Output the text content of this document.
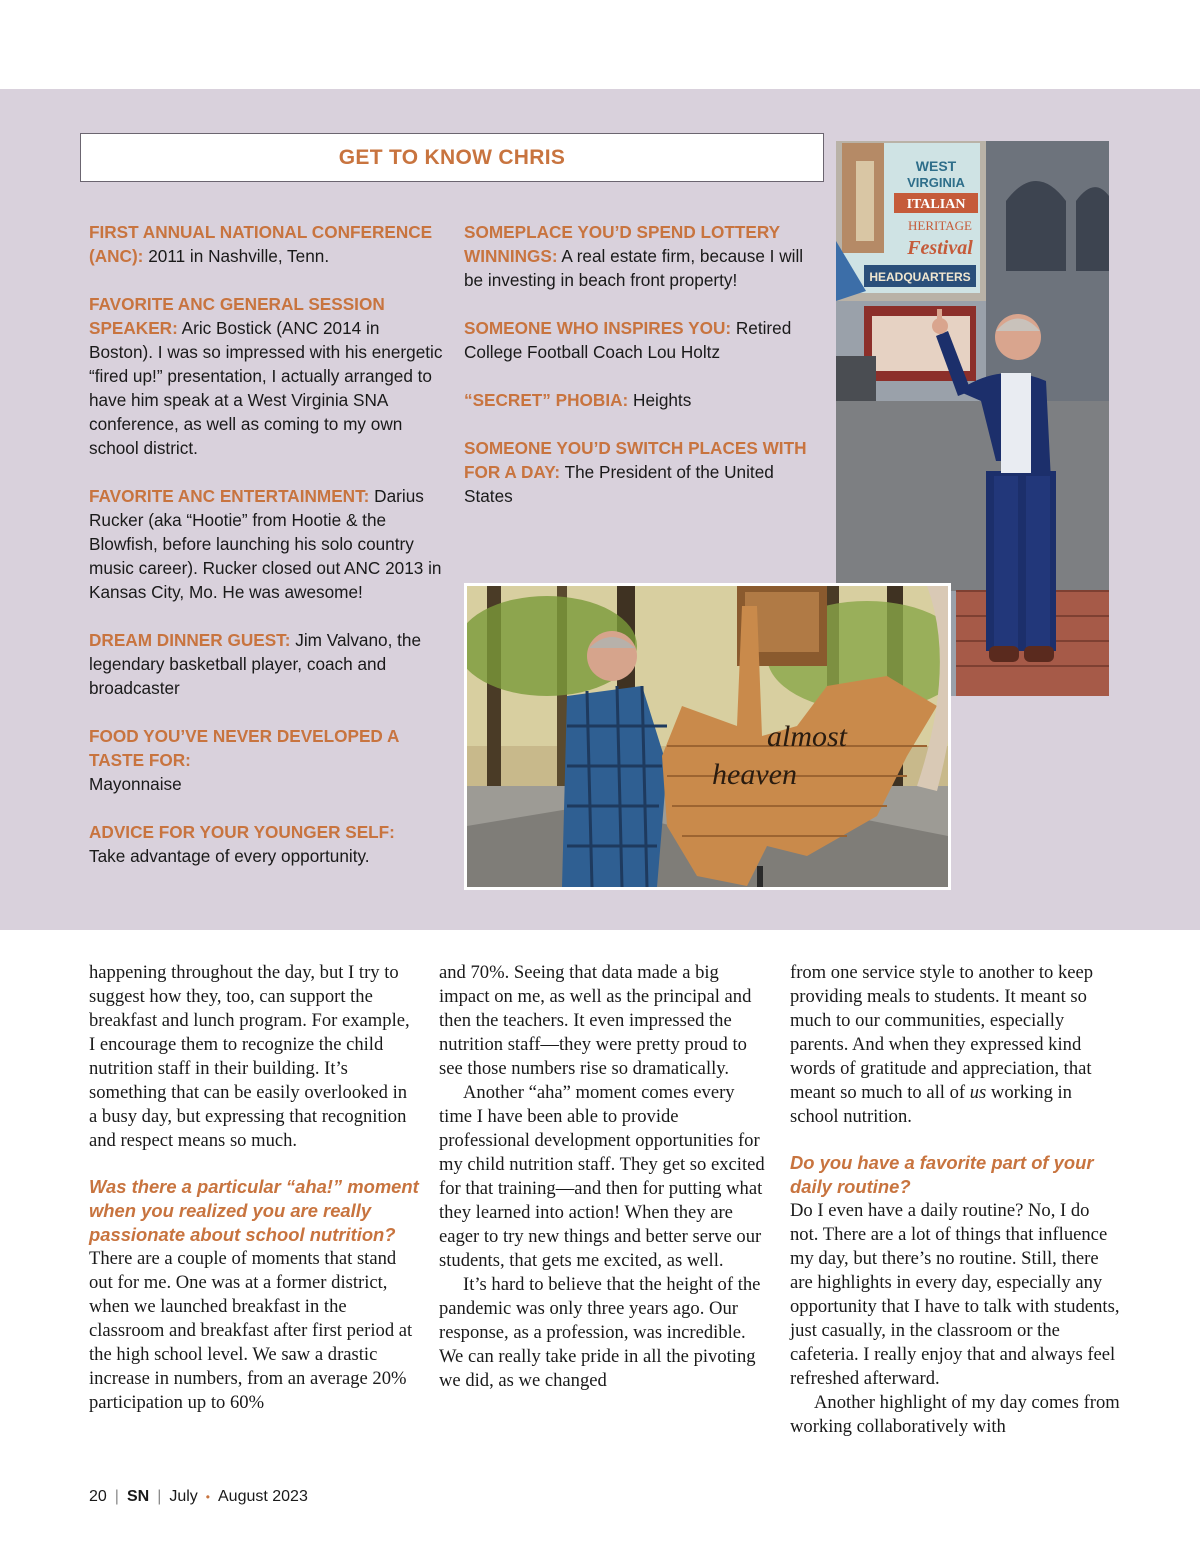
GET TO KNOW CHRIS
FIRST ANNUAL NATIONAL CONFERENCE (ANC): 2011 in Nashville, Tenn.
FAVORITE ANC GENERAL SESSION SPEAKER: Aric Bostick (ANC 2014 in Boston). I was so impressed with his energetic “fired up!” presentation, I actually arranged to have him speak at a West Virginia SNA conference, as well as coming to my own school district.
FAVORITE ANC ENTERTAINMENT: Darius Rucker (aka “Hootie” from Hootie & the Blowfish, before launching his solo country music career). Rucker closed out ANC 2013 in Kansas City, Mo. He was awesome!
DREAM DINNER GUEST: Jim Valvano, the legendary basketball player, coach and broadcaster
FOOD YOU’VE NEVER DEVELOPED A TASTE FOR:
Mayonnaise
ADVICE FOR YOUR YOUNGER SELF:
Take advantage of every opportunity.
SOMEPLACE YOU’D SPEND LOTTERY WINNINGS: A real estate firm, because I will be investing in beach front property!
SOMEONE WHO INSPIRES YOU: Retired College Football Coach Lou Holtz
“SECRET” PHOBIA: Heights
SOMEONE YOU’D SWITCH PLACES WITH FOR A DAY: The President of the United States
WEST
VIRGINIA
ITALIAN
HERITAGE
Festival
HEADQUARTERS
almost
heaven

happening throughout the day, but I try to suggest how they, too, can support the breakfast and lunch program. For example, I encourage them to recognize the child nutrition staff in their building. It’s something that can be easily overlooked in a busy day, but expressing that recognition and respect means so much.

Was there a particular “aha!” moment when you realized you are really passionate about school nutrition?

There are a couple of moments that stand out for me. One was at a former district, when we launched breakfast in the classroom and breakfast after first period at the high school level. We saw a drastic increase in numbers, from an average 20% participation up to 60%

and 70%. Seeing that data made a big impact on me, as well as the principal and then the teachers. It even impressed the nutrition staff—they were pretty proud to see those numbers rise so dramatically.

Another “aha” moment comes every time I have been able to provide professional development opportunities for my child nutrition staff. They get so excited for that training—and then for putting what they learned into action! When they are eager to try new things and better serve our students, that gets me excited, as well.

It’s hard to believe that the height of the pandemic was only three years ago. Our response, as a profession, was incredible. We can really take pride in all the pivoting we did, as we changed

from one service style to another to keep providing meals to students. It meant so much to our communities, especially parents. And when they expressed kind words of gratitude and appreciation, that meant so much to all of us working in school nutrition.

Do you have a favorite part of your daily routine?

Do I even have a daily routine? No, I do not. There are a lot of things that influence my day, but there’s no routine. Still, there are highlights in every day, especially any opportunity that I have to talk with students, just casually, in the classroom or the cafeteria. I really enjoy that and always feel refreshed afterward.

Another highlight of my day comes from working collaboratively with

20 | SN | July • August 2023
